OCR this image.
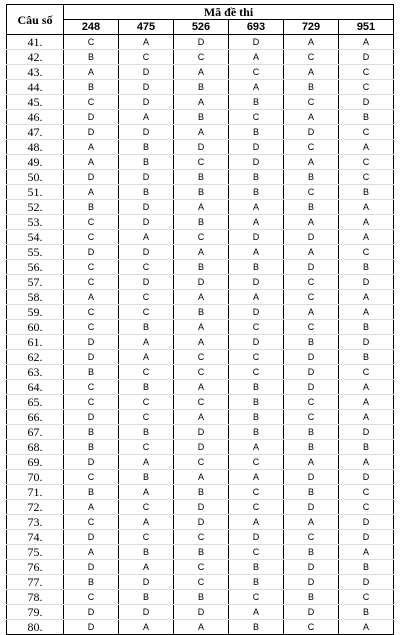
Câu số	Mã đề thi					
	248	475	526	693	729	951
41.	C	A	D	D	A	A
42.	B	C	C	A	C	D
43.	A	D	A	C	A	C
44.	B	D	B	A	B	C
45.	C	D	A	B	C	D
46.	D	A	B	C	A	B
47.	D	D	A	B	D	C
48.	A	B	D	D	C	A
49.	A	B	C	D	A	C
50.	D	D	B	B	B	C
51.	A	B	B	B	C	B
52.	B	D	A	A	B	A
53.	C	D	B	A	A	A
54.	C	A	C	D	D	A
55.	D	D	A	A	A	C
56.	C	C	B	B	D	B
57.	C	D	D	D	C	D
58.	A	C	A	A	C	A
59.	C	C	B	D	A	A
60.	C	B	A	C	C	B
61.	D	A	A	D	B	D
62.	D	A	C	C	D	B
63.	B	C	C	C	D	C
64.	C	B	A	B	D	A
65.	C	C	C	B	C	A
66.	D	C	A	B	C	A
67.	B	B	D	B	B	D
68.	B	C	D	A	B	B
69.	D	A	C	C	A	A
70.	C	B	A	A	D	D
71.	B	A	B	C	B	C
72.	A	C	D	C	D	C
73.	C	A	D	A	A	D
74.	D	C	C	D	C	D
75.	A	B	B	C	B	A
76.	D	A	C	B	D	B
77.	B	D	C	B	D	D
78.	C	B	B	C	B	C
79.	D	D	D	A	D	B
80.	D	A	A	B	C	A
